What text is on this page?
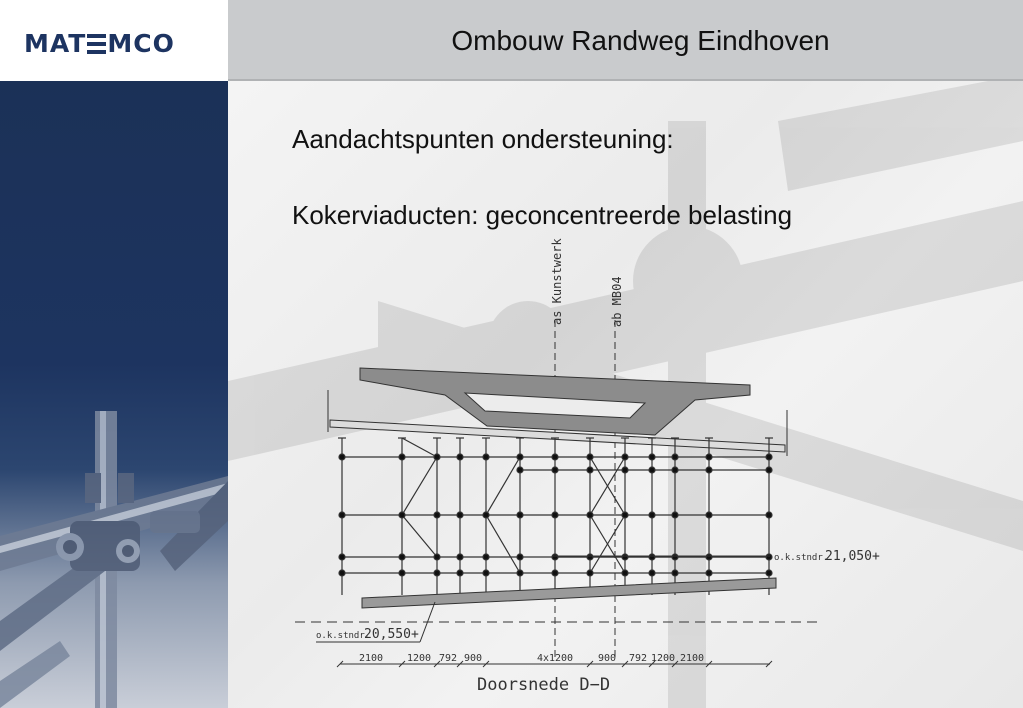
MAT MCO	Ombouw Randweg Eindhoven
Aandachtspunten ondersteuning:
Kokerviaducten: geconcentreerde belasting
as Kunstwerk	ab MB04
o.k.stndr.
21,050+
o.k.stndr.
20,550+
2100 1200 792 900	4x1200 900 792 1200 2100
Doorsnede D−D
